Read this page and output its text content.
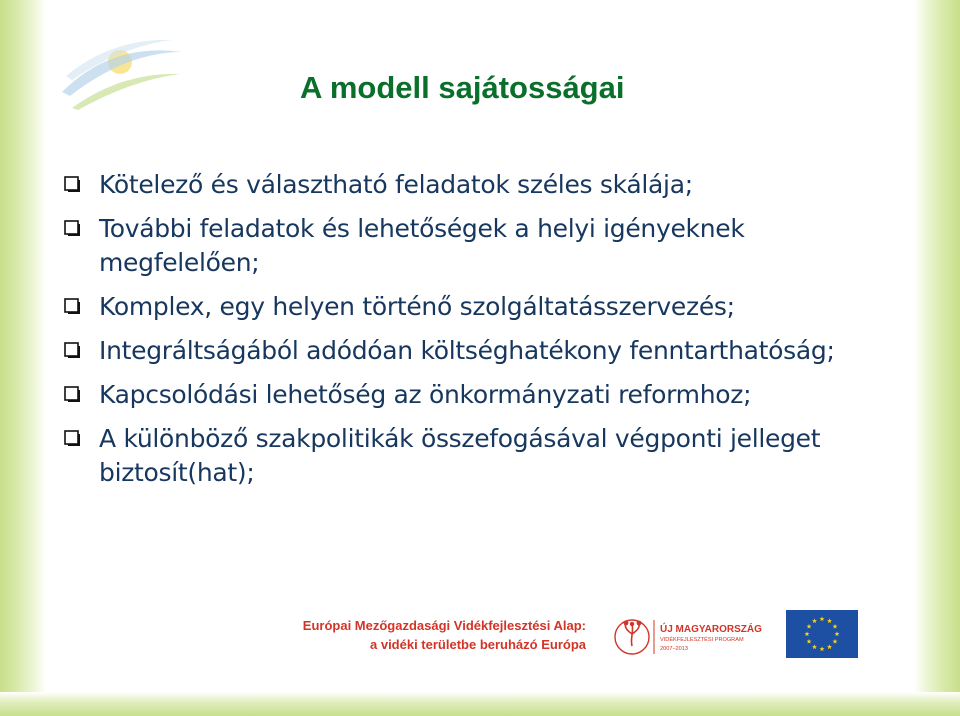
A modell sajátosságai
Kötelező és választható feladatok széles skálája;
További feladatok és lehetőségek a helyi igényeknek megfelelően;
Komplex, egy helyen történő szolgáltatásszervezés;
Integráltságából adódóan költséghatékony fenntarthatóság;
Kapcsolódási lehetőség az önkormányzati reformhoz;
A különböző szakpolitikák összefogásával végponti jelleget biztosít(hat);
Európai Mezőgazdasági Vidékfejlesztési Alap:
a vidéki területbe beruházó Európa
ÚJ MAGYARORSZÁG
VIDÉKFEJLESZTÉSI PROGRAM
2007–2013
